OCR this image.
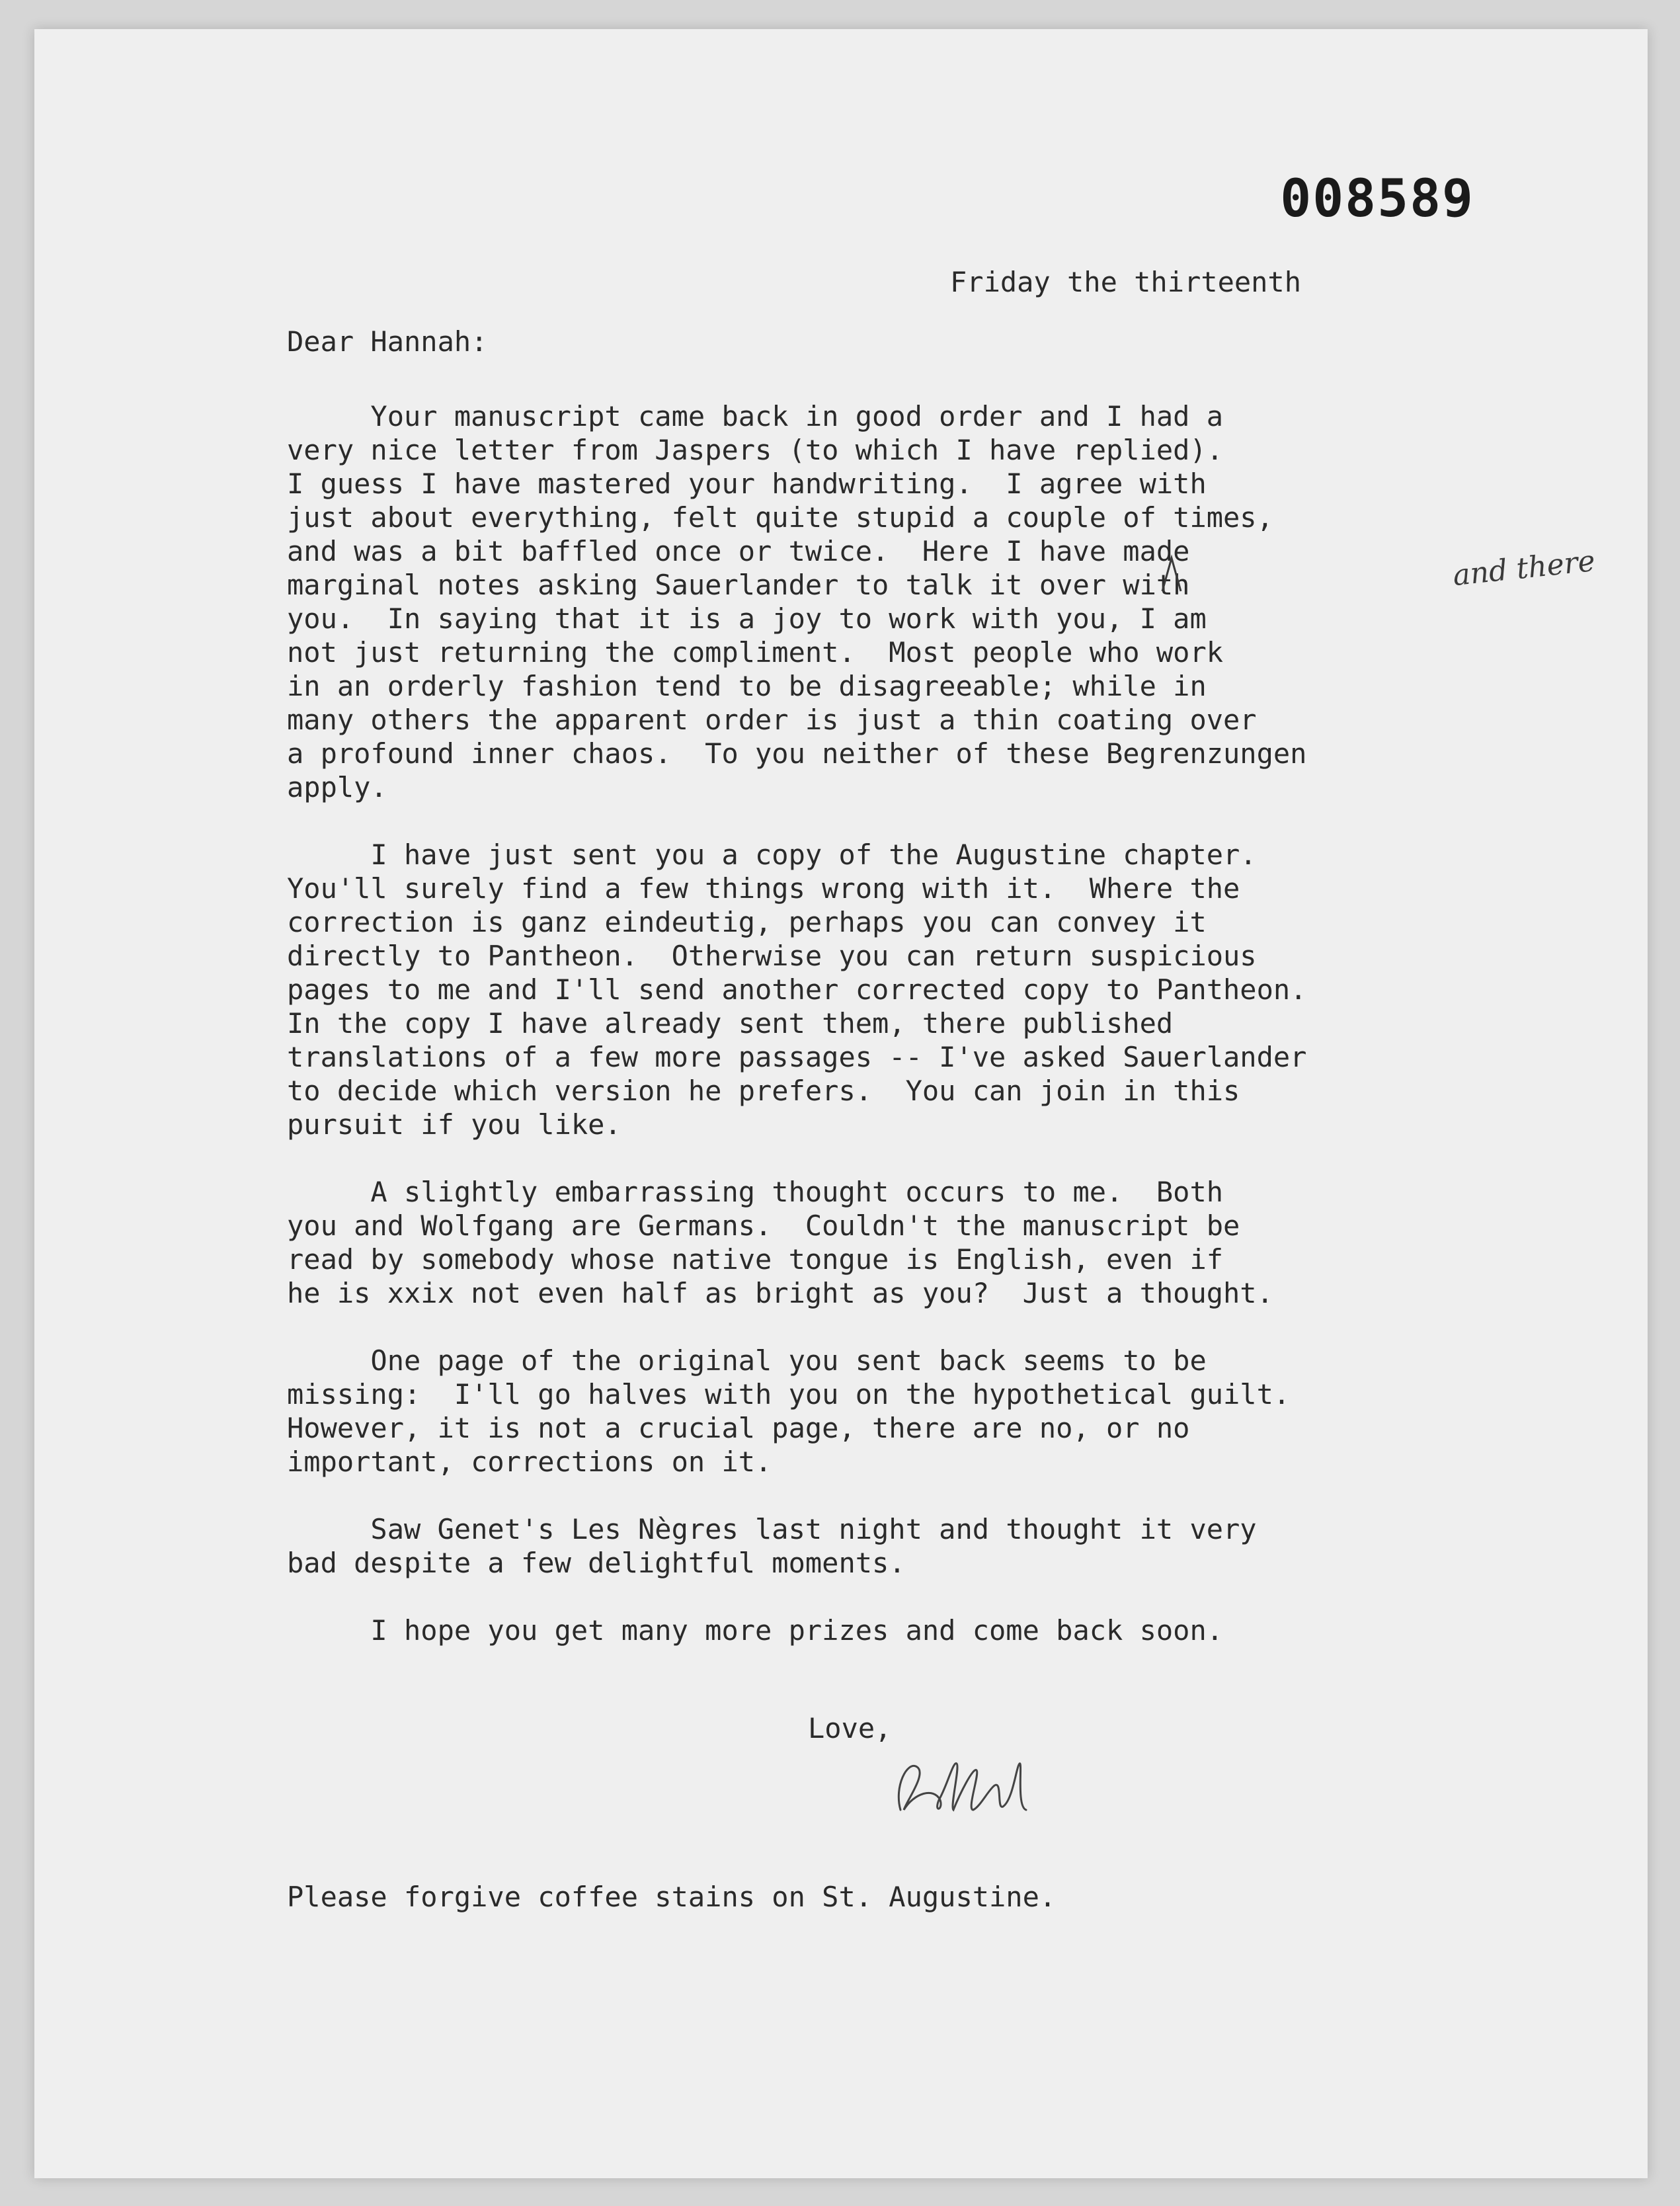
008589

Friday the thirteenth

Dear Hannah:

Your manuscript came back in good order and I had a
very nice letter from Jaspers (to which I have replied).
I guess I have mastered your handwriting.  I agree with
just about everything, felt quite stupid a couple of times,
and was a bit baffled once or twice.  Here I have made
marginal notes asking Sauerlander to talk it over with
you.  In saying that it is a joy to work with you, I am
not just returning the compliment.  Most people who work
in an orderly fashion tend to be disagreeable; while in
many others the apparent order is just a thin coating over
a profound inner chaos.  To you neither of these Begrenzungen
apply.

I have just sent you a copy of the Augustine chapter.
You'll surely find a few things wrong with it.  Where the
correction is ganz eindeutig, perhaps you can convey it
directly to Pantheon.  Otherwise you can return suspicious
pages to me and I'll send another corrected copy to Pantheon.
In the copy I have already sent them, there published
translations of a few more passages -- I've asked Sauerlander
to decide which version he prefers.  You can join in this
pursuit if you like.

A slightly embarrassing thought occurs to me.  Both
you and Wolfgang are Germans.  Couldn't the manuscript be
read by somebody whose native tongue is English, even if
he is xxix not even half as bright as you?  Just a thought.

One page of the original you sent back seems to be
missing:  I'll go halves with you on the hypothetical guilt.
However, it is not a crucial page, there are no, or no
important, corrections on it.

Saw Genet's Les Nègres last night and thought it very
bad despite a few delightful moments.

I hope you get many more prizes and come back soon.

and there

Love,

Please forgive coffee stains on St. Augustine.
